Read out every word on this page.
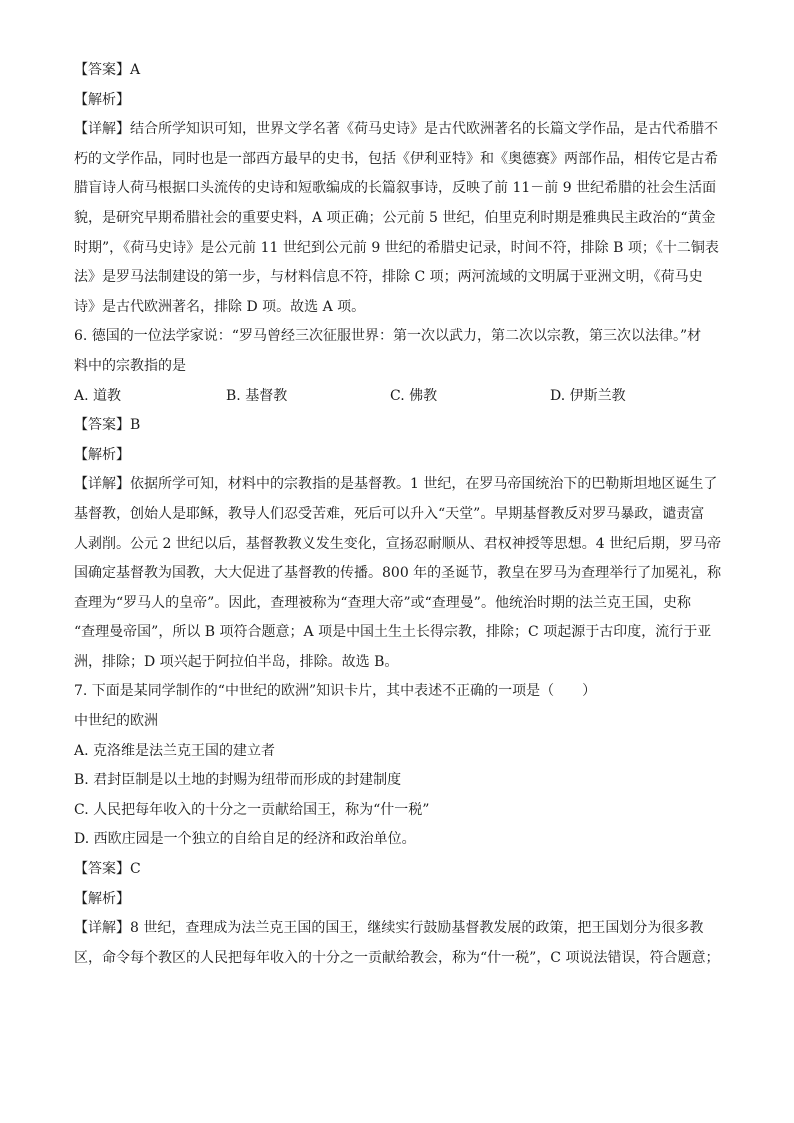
【答案】A
【解析】
【详解】结合所学知识可知，世界文学名著《荷马史诗》是古代欧洲著名的长篇文学作品，是古代希腊不
朽的文学作品，同时也是一部西方最早的史书，包括《伊利亚特》和《奥德赛》两部作品，相传它是古希
腊盲诗人荷马根据口头流传的史诗和短歌编成的长篇叙事诗，反映了前 11－前 9 世纪希腊的社会生活面
貌，是研究早期希腊社会的重要史料，A 项正确；公元前 5 世纪，伯里克利时期是雅典民主政治的“黄金
时期”，《荷马史诗》是公元前 11 世纪到公元前 9 世纪的希腊史记录，时间不符，排除 B 项；《十二铜表
法》是罗马法制建设的第一步，与材料信息不符，排除 C 项；两河流域的文明属于亚洲文明，《荷马史
诗》是古代欧洲著名，排除 D 项。故选 A 项。
6. 德国的一位法学家说：“罗马曾经三次征服世界：第一次以武力，第二次以宗教，第三次以法律。”材
料中的宗教指的是
A. 道教	B. 基督教	C. 佛教	D. 伊斯兰教
【答案】B
【解析】
【详解】依据所学可知，材料中的宗教指的是基督教。1 世纪，在罗马帝国统治下的巴勒斯坦地区诞生了
基督教，创始人是耶稣，教导人们忍受苦难，死后可以升入“天堂”。早期基督教反对罗马暴政，谴责富
人剥削。公元 2 世纪以后，基督教教义发生变化，宣扬忍耐顺从、君权神授等思想。4 世纪后期，罗马帝
国确定基督教为国教，大大促进了基督教的传播。800 年的圣诞节，教皇在罗马为查理举行了加冕礼，称
查理为“罗马人的皇帝”。因此，查理被称为“查理大帝”或“查理曼”。他统治时期的法兰克王国，史称
“查理曼帝国”，所以 B 项符合题意；A 项是中国土生土长得宗教，排除；C 项起源于古印度，流行于亚
洲，排除；D 项兴起于阿拉伯半岛，排除。故选 B。
7. 下面是某同学制作的“中世纪的欧洲”知识卡片，其中表述不正确的一项是（　　）
中世纪的欧洲
A. 克洛维是法兰克王国的建立者
B. 君封臣制是以土地的封赐为纽带而形成的封建制度
C. 人民把每年收入的十分之一贡献给国王，称为“什一税”
D. 西欧庄园是一个独立的自给自足的经济和政治单位。
【答案】C
【解析】
【详解】8 世纪，查理成为法兰克王国的国王，继续实行鼓励基督教发展的政策，把王国划分为很多教
区，命令每个教区的人民把每年收入的十分之一贡献给教会，称为“什一税”，C 项说法错误，符合题意；
